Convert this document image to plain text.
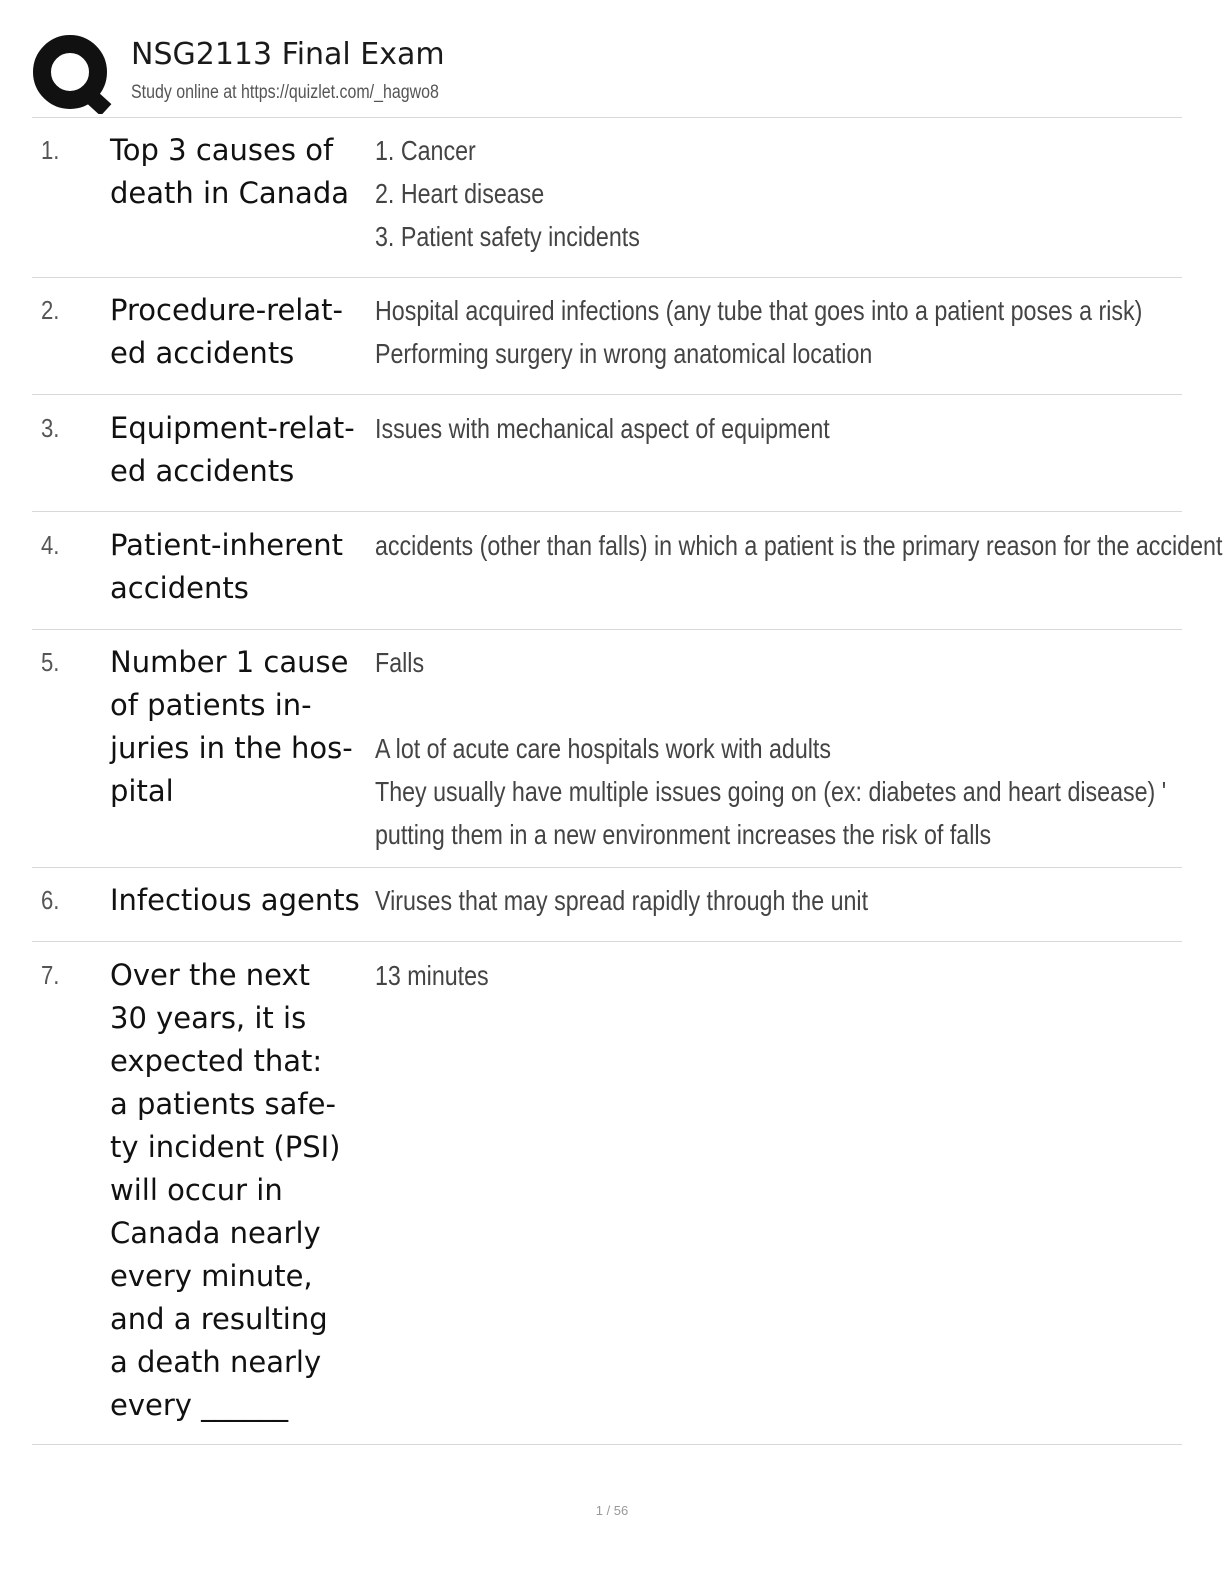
NSG2113 Final Exam
Study online at https://quizlet.com/_hagwo8
1. Top 3 causes of
death in Canada
1. Cancer
2. Heart disease
3. Patient safety incidents
2. Procedure-relat-
ed accidents
Hospital acquired infections (any tube that goes into a patient poses a risk)
Performing surgery in wrong anatomical location
3. Equipment-relat-
ed accidents
Issues with mechanical aspect of equipment
4. Patient-inherent
accidents
accidents (other than falls) in which a patient is the primary reason for the accident
5. Number 1 cause
of patients in-
juries in the hos-
pital
Falls
A lot of acute care hospitals work with adults
They usually have multiple issues going on (ex: diabetes and heart disease) '
putting them in a new environment increases the risk of falls
6. Infectious agents Viruses that may spread rapidly through the unit
7. Over the next
30 years, it is
expected that:
a patients safe-
ty incident (PSI)
will occur in
Canada nearly
every minute,
and a resulting
a death nearly
every ______
13 minutes
1 / 56
